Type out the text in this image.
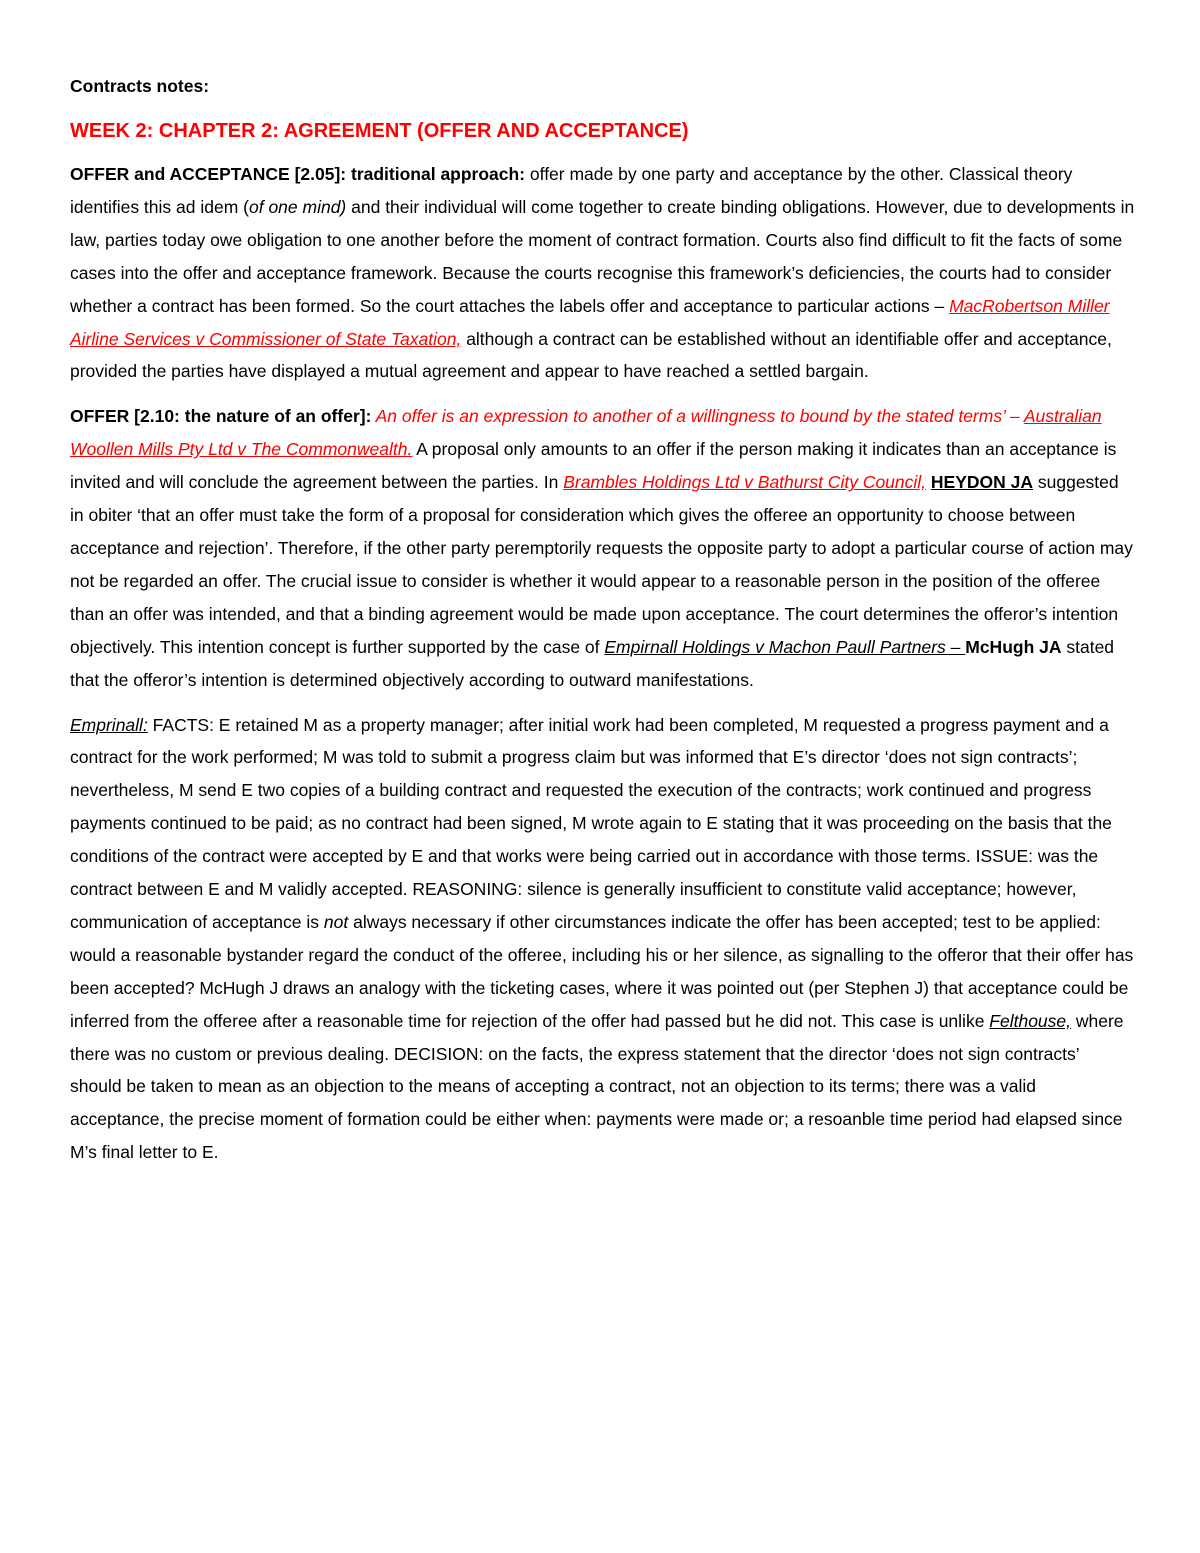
Contracts notes:
WEEK 2: CHAPTER 2: AGREEMENT (OFFER AND ACCEPTANCE)

OFFER and ACCEPTANCE [2.05]: traditional approach: offer made by one party and acceptance by the other. Classical theory identifies this ad idem (of one mind) and their individual will come together to create binding obligations. However, due to developments in law, parties today owe obligation to one another before the moment of contract formation. Courts also find difficult to fit the facts of some cases into the offer and acceptance framework. Because the courts recognise this framework’s deficiencies, the courts had to consider whether a contract has been formed. So the court attaches the labels offer and acceptance to particular actions – MacRobertson Miller Airline Services v Commissioner of State Taxation, although a contract can be established without an identifiable offer and acceptance, provided the parties have displayed a mutual agreement and appear to have reached a settled bargain.

OFFER [2.10: the nature of an offer]: An offer is an expression to another of a willingness to bound by the stated terms’ – Australian Woollen Mills Pty Ltd v The Commonwealth. A proposal only amounts to an offer if the person making it indicates than an acceptance is invited and will conclude the agreement between the parties. In Brambles Holdings Ltd v Bathurst City Council, HEYDON JA suggested in obiter ‘that an offer must take the form of a proposal for consideration which gives the offeree an opportunity to choose between acceptance and rejection’. Therefore, if the other party peremptorily requests the opposite party to adopt a particular course of action may not be regarded an offer. The crucial issue to consider is whether it would appear to a reasonable person in the position of the offeree than an offer was intended, and that a binding agreement would be made upon acceptance. The court determines the offeror’s intention objectively. This intention concept is further supported by the case of Empirnall Holdings v Machon Paull Partners – McHugh JA stated that the offeror’s intention is determined objectively according to outward manifestations.

Emprinall: FACTS: E retained M as a property manager; after initial work had been completed, M requested a progress payment and a contract for the work performed; M was told to submit a progress claim but was informed that E’s director ‘does not sign contracts’; nevertheless, M send E two copies of a building contract and requested the execution of the contracts; work continued and progress payments continued to be paid; as no contract had been signed, M wrote again to E stating that it was proceeding on the basis that the conditions of the contract were accepted by E and that works were being carried out in accordance with those terms. ISSUE: was the contract between E and M validly accepted. REASONING: silence is generally insufficient to constitute valid acceptance; however, communication of acceptance is not always necessary if other circumstances indicate the offer has been accepted; test to be applied: would a reasonable bystander regard the conduct of the offeree, including his or her silence, as signalling to the offeror that their offer has been accepted? McHugh J draws an analogy with the ticketing cases, where it was pointed out (per Stephen J) that acceptance could be inferred from the offeree after a reasonable time for rejection of the offer had passed but he did not. This case is unlike Felthouse, where there was no custom or previous dealing. DECISION: on the facts, the express statement that the director ‘does not sign contracts’ should be taken to mean as an objection to the means of accepting a contract, not an objection to its terms; there was a valid acceptance, the precise moment of formation could be either when: payments were made or; a resoanble time period had elapsed since M’s final letter to E.
